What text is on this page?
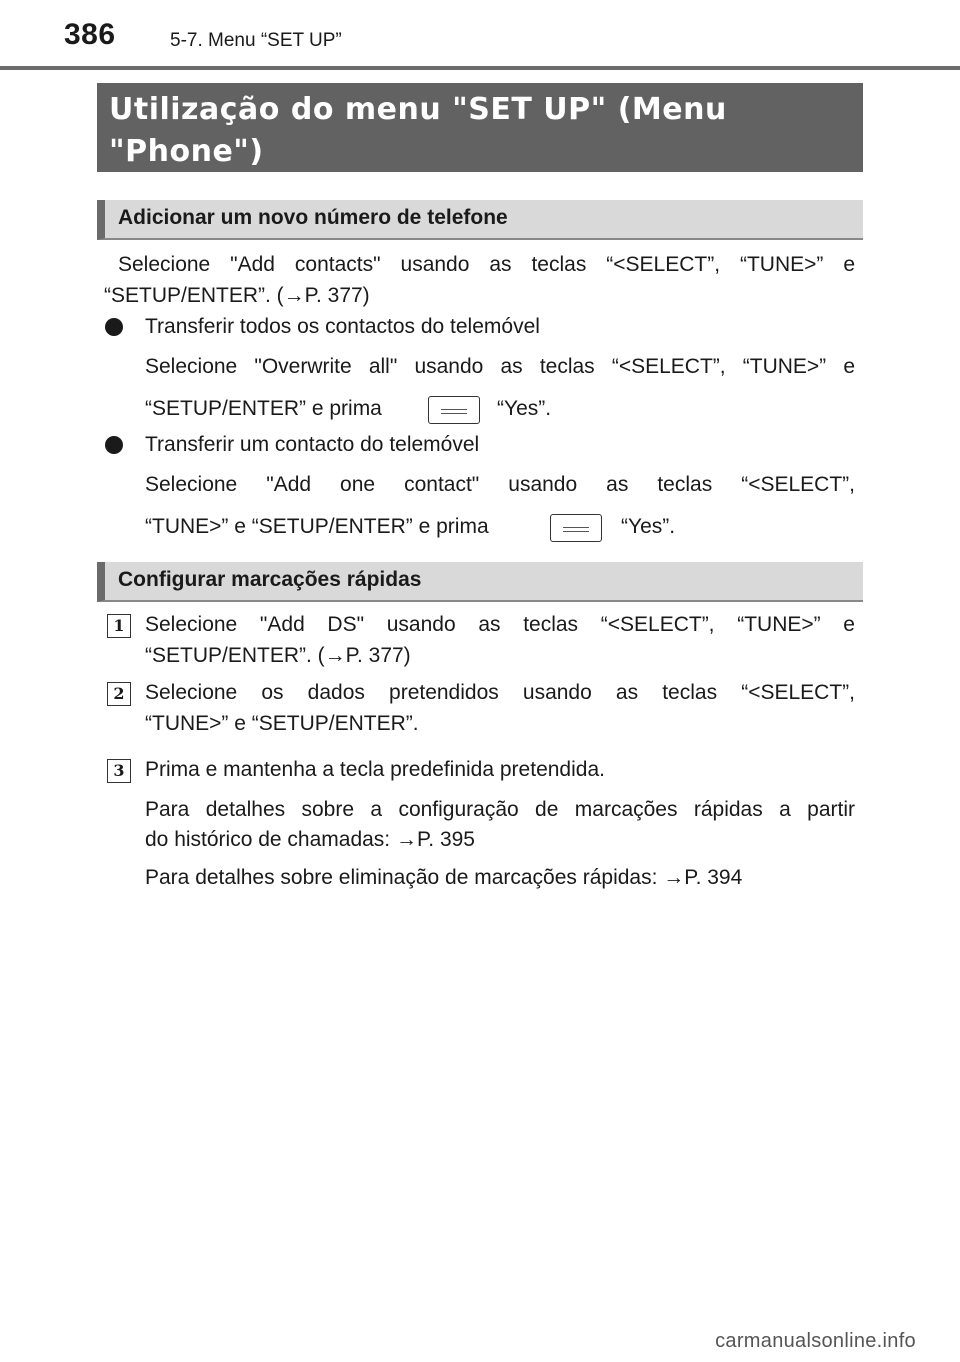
386	5-7. Menu “SET UP”
Utilização do menu "SET UP" (Menu
"Phone")
Adicionar um novo número de telefone
Selecione "Add contacts" usando as teclas “<SELECT”, “TUNE>” e
“SETUP/ENTER”. (→P. 377)
Transferir todos os contactos do telemóvel
Selecione "Overwrite all" usando as teclas “<SELECT”, “TUNE>” e
“SETUP/ENTER” e prima	“Yes”.
Transferir um contacto do telemóvel
Selecione "Add one contact" usando as teclas “<SELECT”,
“TUNE>” e “SETUP/ENTER” e prima	“Yes”.
Configurar marcações rápidas
1 Selecione "Add DS" usando as teclas “<SELECT”, “TUNE>” e
“SETUP/ENTER”. (→P. 377)
2 Selecione os dados pretendidos usando as teclas “<SELECT”,
“TUNE>” e “SETUP/ENTER”.
3 Prima e mantenha a tecla predefinida pretendida.
Para detalhes sobre a configuração de marcações rápidas a partir
do histórico de chamadas: →P. 395
Para detalhes sobre eliminação de marcações rápidas: →P. 394
carmanualsonline.info
